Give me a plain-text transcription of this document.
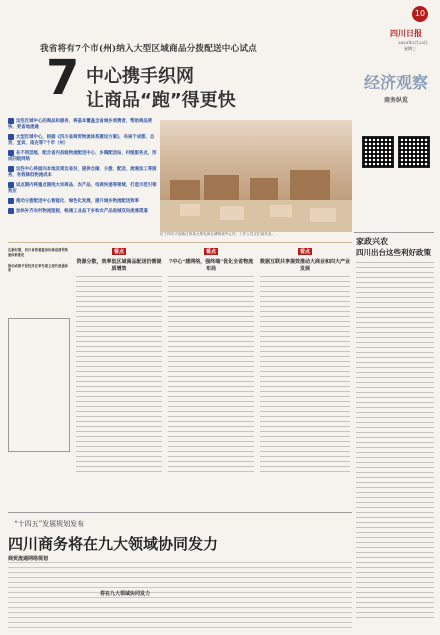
10
四川日报
2023年2月23日
星期三
经济观察
商务纵览
我省将有7个市(州)纳入大型区域商品分拨配送中心试点
7 中心携手织网
让商品“跑”得更快
位于四川天府新区的某大型电商仓储物流中心内，工作人员正忙碌作业。
这些区域中心的商品和服务，将基本覆盖全省城乡消费者，帮助商品更快、更省地流通
大型区域中心，根据《四川省商贸物流体系建设方案》，布局于成都、自贡、宜宾、南充等7个市（州）
在不同层级，配合省内县级物流配送中心、乡镇配送站、村级服务点，形成四级网络
这些中心将面向本地及周边省份，提供仓储、分拨、配送、流通加工等服务，有效降低物流成本
试点期内将重点围绕大宗商品、农产品、电商快递等领域，打造示范引领效应
推动分拨配送中心智能化、绿色化发展，提升城乡物流配送效率
加快补齐农村物流短板，畅通工业品下乡和农产品进城双向流通渠道
在新时期，四川省将着重加快推进商贸物流体系建设
推动成都平原经济区率先建立现代流通体系
看点
资源分散，效率低区域商品配送仍需提质增效
看点
7中心“建网络，强终端”优化全省物流布局
看点
数据互联共享提效推动大商业和四大产业发展
家政兴农
四川出台这些利好政策
“十四五”发展规划发布
四川商务将在九大领域协同发力
商贸流通网络规划
将在九大领域协同发力
